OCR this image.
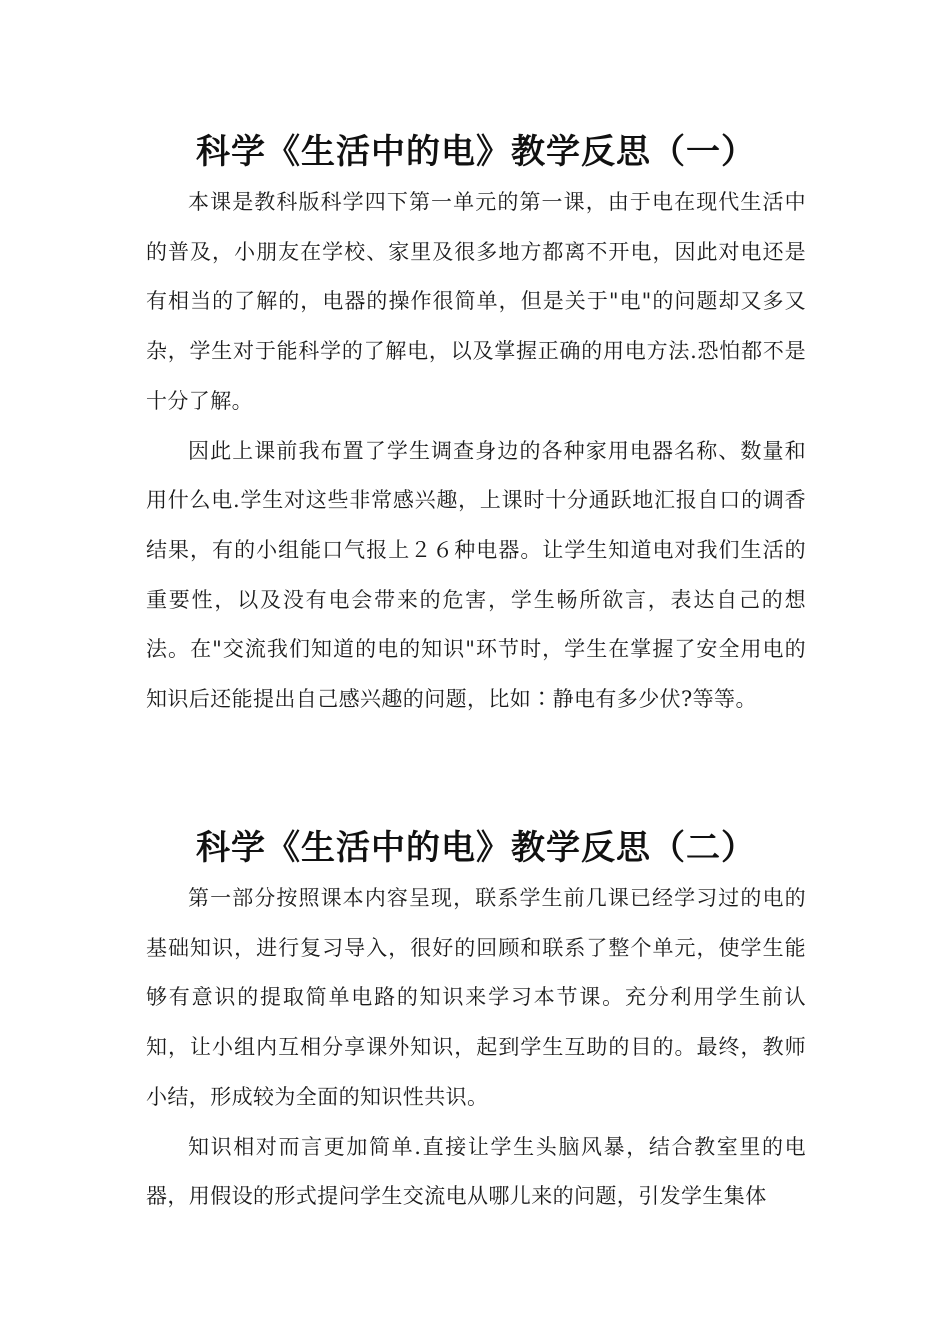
科学《生活中的电》教学反思（一）

本课是教科版科学四下第一单元的第一课，由于电在现代生活中的普及，小朋友在学校、家里及很多地方都离不开电，因此对电还是有相当的了解的，电器的操作很简单，但是关于"电"的问题却又多又杂，学生对于能科学的了解电，以及掌握正确的用电方法.恐怕都不是十分了解。

因此上课前我布置了学生调查身边的各种家用电器名称、数量和用什么电.学生对这些非常感兴趣，上课时十分通跃地汇报自口的调香结果，有的小组能口气报上２６种电器。让学生知道电对我们生活的重要性，以及没有电会带来的危害，学生畅所欲言，表达自己的想法。在"交流我们知道的电的知识"环节时，学生在掌握了安全用电的知识后还能提出自己感兴趣的问题，比如∶静电有多少伏?等等。

科学《生活中的电》教学反思（二）

第一部分按照课本内容呈现，联系学生前几课已经学习过的电的基础知识，进行复习导入，很好的回顾和联系了整个单元，使学生能够有意识的提取简单电路的知识来学习本节课。充分利用学生前认知，让小组内互相分享课外知识，起到学生互助的目的。最终，教师小结，形成较为全面的知识性共识。

知识相对而言更加简单.直接让学生头脑风暴，结合教室里的电器，用假设的形式提问学生交流电从哪儿来的问题，引发学生集体
